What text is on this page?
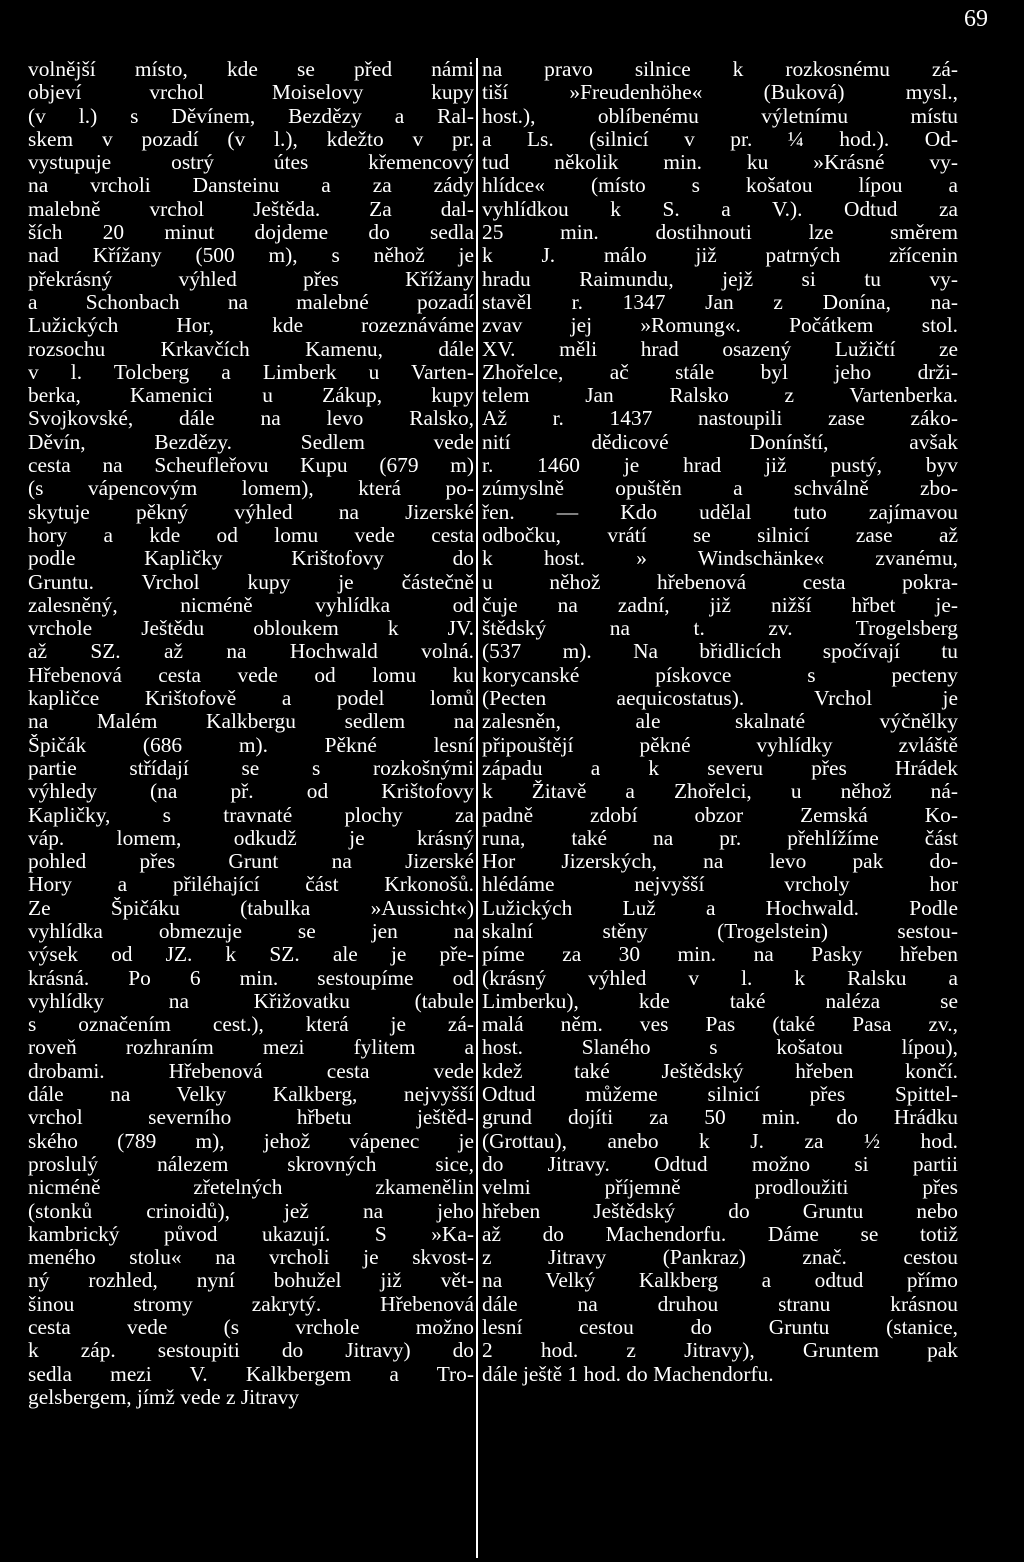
69
volnější místo, kde se před námi
objeví vrchol Moiselovy kupy
(v l.) s Děvínem, Bezdězy a Ral-
skem v pozadí (v l.), kdežto v pr.
vystupuje ostrý útes křemencový
na vrcholi Dansteinu a za zády
malebně vrchol Ještěda. Za dal-
ších 20 minut dojdeme do sedla
nad Křížany (500 m), s něhož je
překrásný výhled přes Křížany
a Schonbach na malebné pozadí
Lužických Hor, kde rozeznáváme
rozsochu Krkavčích Kamenu, dále
v l. Tolcberg a Limberk u Varten-
berka, Kamenici u Zákup, kupy
Svojkovské, dále na levo Ralsko,
Děvín, Bezdězy. Sedlem vede
cesta na Scheufleřovu Kupu (679 m)
(s vápencovým lomem), která po-
skytuje pěkný výhled na Jizerské
hory a kde od lomu vede cesta
podle Kapličky Krištofovy do
Gruntu. Vrchol kupy je částečně
zalesněný, nicméně vyhlídka od
vrchole Ještědu obloukem k JV.
až SZ. až na Hochwald volná.
Hřebenová cesta vede od lomu ku
kapličce Krištofově a podel lomů
na Malém Kalkbergu sedlem na
Špičák (686 m). Pěkné lesní
partie střídají se s rozkošnými
výhledy (na př. od Krištofovy
Kapličky, s travnaté plochy za
váp. lomem, odkudž je krásný
pohled přes Grunt na Jizerské
Hory a přiléhající část Krkonošů.
Ze Špičáku (tabulka »Aussicht«)
vyhlídka obmezuje se jen na
výsek od JZ. k SZ. ale je pře-
krásná. Po 6 min. sestoupíme od
vyhlídky na Křižovatku (tabule
s označením cest.), která je zá-
roveň rozhraním mezi fylitem a
drobami. Hřebenová cesta vede
dále na Velky Kalkberg, nejvyšší
vrchol severního hřbetu ještěd-
ského (789 m), jehož vápenec je
proslulý nálezem skrovných sice,
nicméně zřetelných zkamenělin
(stonků crinoidů), jež na jeho
kambrický původ ukazují. S »Ka-
meného stolu« na vrcholi je skvost-
ný rozhled, nyní bohužel již vět-
šinou stromy zakrytý. Hřebenová
cesta vede (s vrchole možno
k záp. sestoupiti do Jitravy) do
sedla mezi V. Kalkbergem a Tro-
gelsbergem, jímž vede z Jitravy
na pravo silnice k rozkosnému zá-
tiší »Freudenhöhe« (Buková) mysl.,
host.), oblíbenému výletnímu místu
a Ls. (silnicí v pr. ¼ hod.). Od-
tud několik min. ku »Krásné vy-
hlídce« (místo s košatou lípou a
vyhlídkou k S. a V.). Odtud za
25 min. dostihnouti lze směrem
k J. málo již patrných zřícenin
hradu Raimundu, jejž si tu vy-
stavěl r. 1347 Jan z Donína, na-
zvav jej »Romung«. Počátkem stol.
XV. měli hrad osazený Lužičtí ze
Zhořelce, ač stále byl jeho drži-
telem Jan Ralsko z Vartenberka.
Až r. 1437 nastoupili zase záko-
nití dědicové Donínští, avšak
r. 1460 je hrad již pustý, byv
zúmyslně opuštěn a schválně zbo-
řen. — Kdo udělal tuto zajímavou
odbočku, vrátí se silnicí zase až
k host. » Windschänke« zvanému,
u něhož hřebenová cesta pokra-
čuje na zadní, již nižší hřbet je-
štědský na t. zv. Trogelsberg
(537 m). Na břidlicích spočívají tu
korycanské pískovce s pecteny
(Pecten aequicostatus). Vrchol je
zalesněn, ale skalnaté výčnělky
připouštějí pěkné vyhlídky zvláště
západu a k severu přes Hrádek
k Žitavě a Zhořelci, u něhož ná-
padně zdobí obzor Zemská Ko-
runa, také na pr. přehlížíme část
Hor Jizerských, na levo pak do-
hlédáme nejvyšší vrcholy hor
Lužických Luž a Hochwald. Podle
skalní stěny (Trogelstein) sestou-
píme za 30 min. na Pasky hřeben
(krásný výhled v l. k Ralsku a
Limberku), kde také naléza se
malá něm. ves Pas (také Pasa zv.,
host. Slaného s košatou lípou),
kdež také Ještědský hřeben končí.
Odtud můžeme silnicí přes Spittel-
grund dojíti za 50 min. do Hrádku
(Grottau), anebo k J. za ½ hod.
do Jitravy. Odtud možno si partii
velmi příjemně prodloužiti přes
hřeben Ještědský do Gruntu nebo
až do Machendorfu. Dáme se totiž
z Jitravy (Pankraz) znač. cestou
na Velký Kalkberg a odtud přímo
dále na druhou stranu krásnou
lesní cestou do Gruntu (stanice,
2 hod. z Jitravy), Gruntem pak
dále ještě 1 hod. do Machendorfu.
